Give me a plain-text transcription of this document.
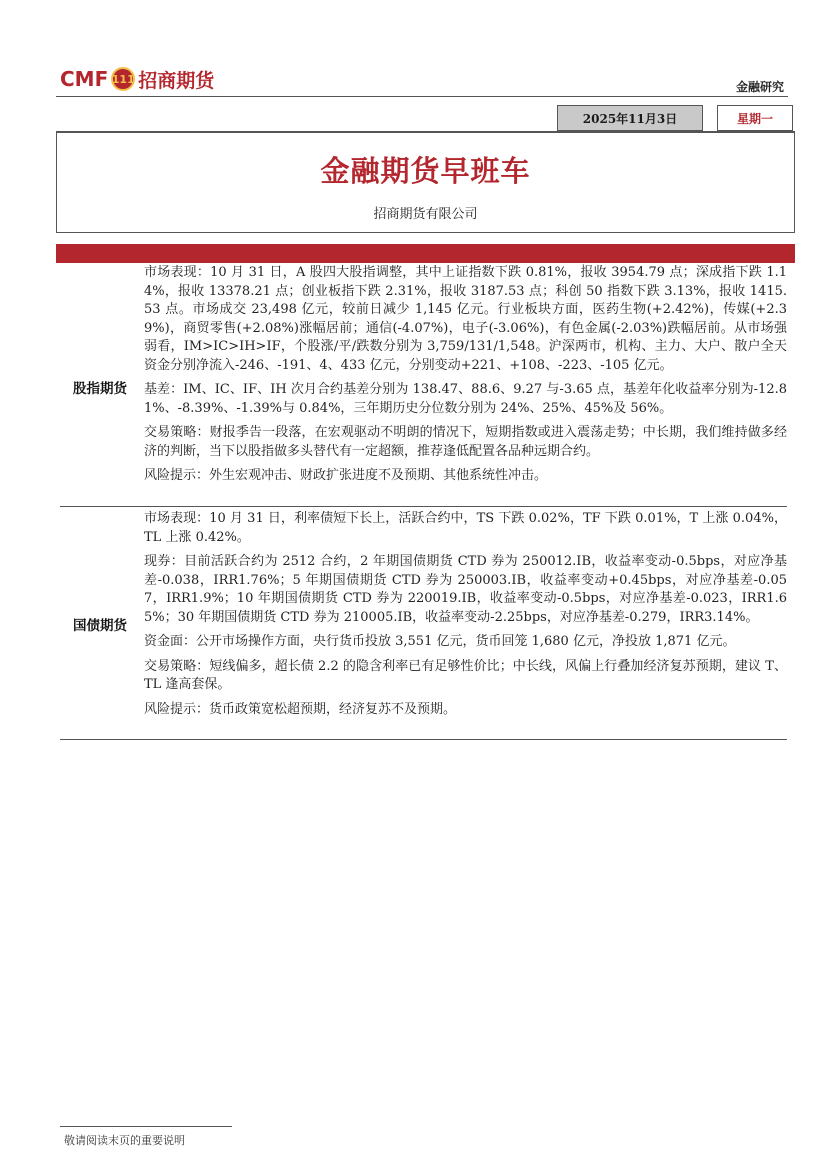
CMF 111 招商期货	金融研究
2025年11月3日	星期一
金融期货早班车
招商期货有限公司
股指期货

市场表现：10 月 31 日，A 股四大股指调整，其中上证指数下跌 0.81%，报收 3954.79 点；深成指下跌 1.14%，报收 13378.21 点；创业板指下跌 2.31%，报收 3187.53 点；科创 50 指数下跌 3.13%，报收 1415.53 点。市场成交 23,498 亿元，较前日减少 1,145 亿元。行业板块方面，医药生物(+2.42%)，传媒(+2.39%)，商贸零售(+2.08%)涨幅居前；通信(-4.07%)，电子(-3.06%)，有色金属(-2.03%)跌幅居前。从市场强弱看，IM>IC>IH>IF，个股涨/平/跌数分别为 3,759/131/1,548。沪深两市，机构、主力、大户、散户全天资金分别净流入-246、-191、4、433 亿元，分别变动+221、+108、-223、-105 亿元。

基差：IM、IC、IF、IH 次月合约基差分别为 138.47、88.6、9.27 与-3.65 点，基差年化收益率分别为-12.81%、-8.39%、-1.39%与 0.84%，三年期历史分位数分别为 24%、25%、45%及 56%。

交易策略：财报季告一段落，在宏观驱动不明朗的情况下，短期指数或进入震荡走势；中长期，我们维持做多经济的判断，当下以股指做多头替代有一定超额，推荐逢低配置各品种远期合约。

风险提示：外生宏观冲击、财政扩张进度不及预期、其他系统性冲击。

国债期货

市场表现：10 月 31 日，利率债短下长上，活跃合约中，TS 下跌 0.02%，TF 下跌 0.01%，T 上涨 0.04%，TL 上涨 0.42%。

现券：目前活跃合约为 2512 合约，2 年期国债期货 CTD 券为 250012.IB，收益率变动-0.5bps，对应净基差-0.038，IRR1.76%；5 年期国债期货 CTD 券为 250003.IB，收益率变动+0.45bps，对应净基差-0.057，IRR1.9%；10 年期国债期货 CTD 券为 220019.IB，收益率变动-0.5bps，对应净基差-0.023，IRR1.65%；30 年期国债期货 CTD 券为 210005.IB，收益率变动-2.25bps，对应净基差-0.279，IRR3.14%。

资金面：公开市场操作方面，央行货币投放 3,551 亿元，货币回笼 1,680 亿元，净投放 1,871 亿元。

交易策略：短线偏多，超长债 2.2 的隐含利率已有足够性价比；中长线，风偏上行叠加经济复苏预期，建议 T、TL 逢高套保。

风险提示：货币政策宽松超预期，经济复苏不及预期。

敬请阅读末页的重要说明
